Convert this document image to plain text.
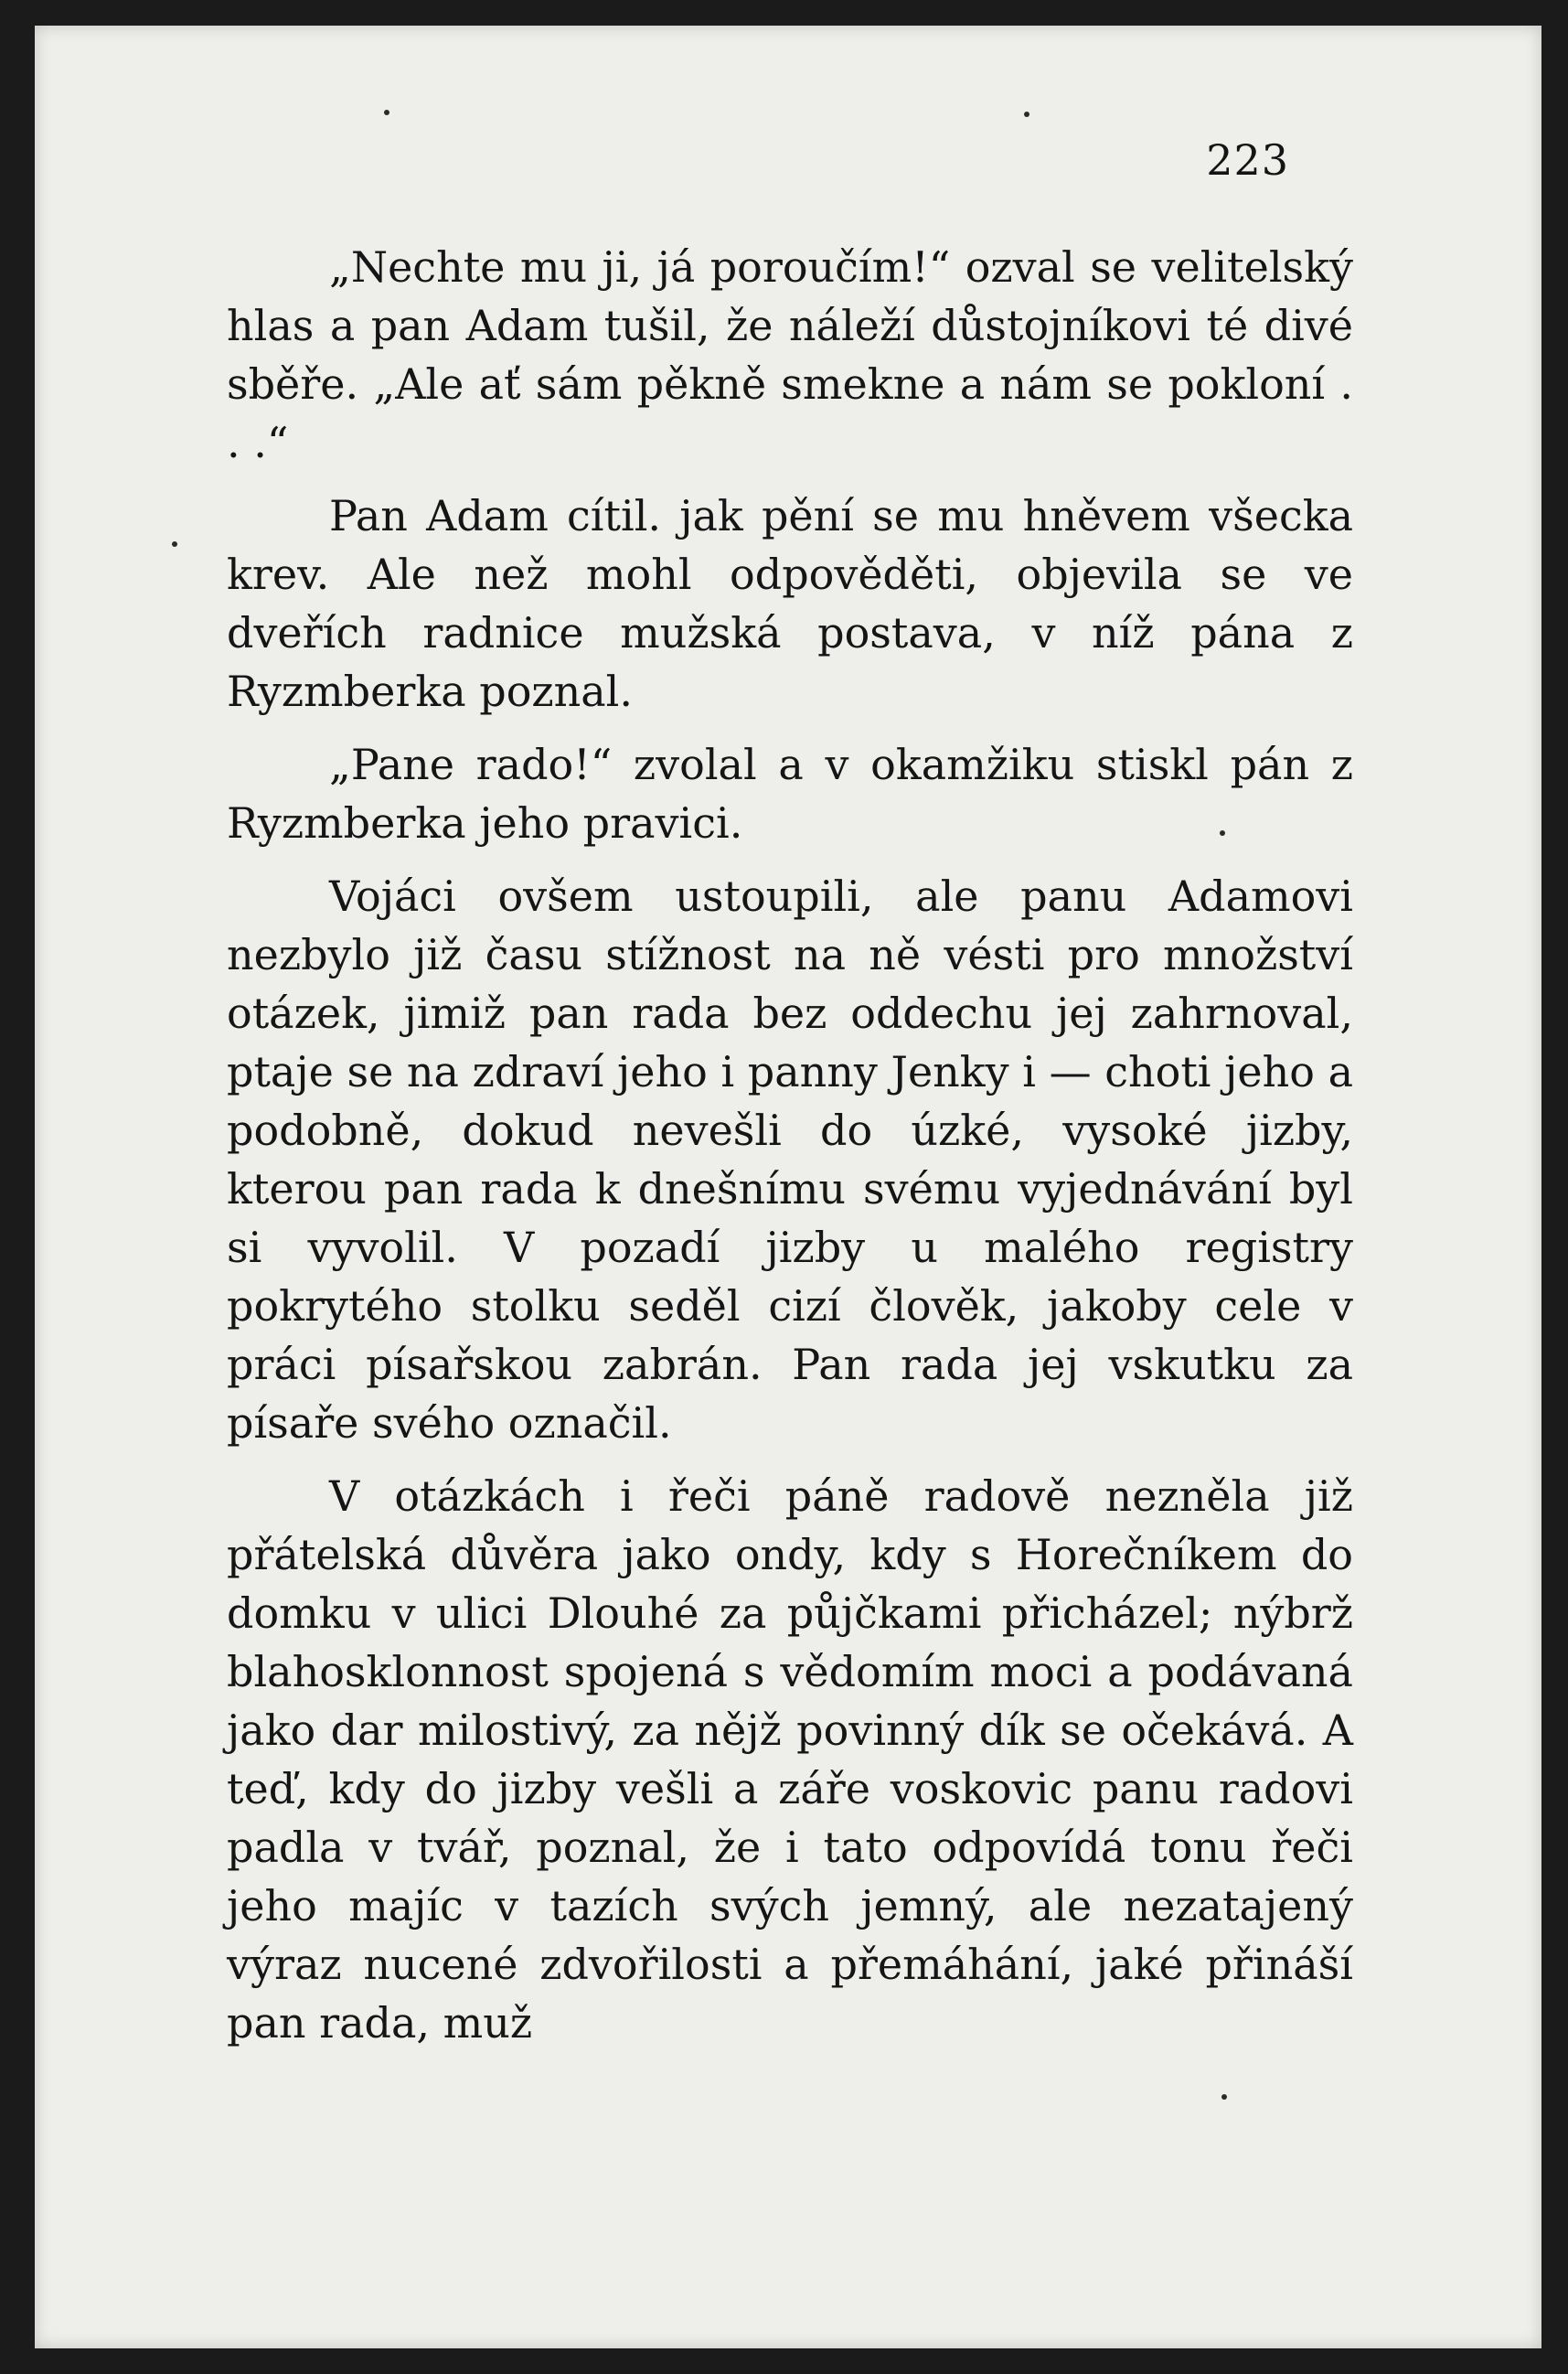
223

„Nechte mu ji, já poroučím!“ ozval se velitelský hlas a pan Adam tušil, že náleží důstojníkovi té divé sběře. „Ale ať sám pěkně smekne a nám se pokloní . . .“

Pan Adam cítil. jak pění se mu hněvem všecka krev. Ale než mohl odpověděti, objevila se ve dveřích radnice mužská postava, v níž pána z Ryzmberka poznal.

„Pane rado!“ zvolal a v okamžiku stiskl pán z Ryzmberka jeho pravici.

Vojáci ovšem ustoupili, ale panu Adamovi nezbylo již času stížnost na ně vésti pro množství otázek, jimiž pan rada bez oddechu jej zahrnoval, ptaje se na zdraví jeho i panny Jenky i — choti jeho a podobně, dokud nevešli do úzké, vysoké jizby, kterou pan rada k dnešnímu svému vyjednávání byl si vyvolil. V pozadí jizby u malého registry pokrytého stolku seděl cizí člověk, jakoby cele v práci písařskou zabrán. Pan rada jej vskutku za písaře svého označil.

V otázkách i řeči páně radově nezněla již přátelská důvěra jako ondy, kdy s Horečníkem do domku v ulici Dlouhé za půjčkami přicházel; nýbrž blahosklonnost spojená s vědomím moci a podávaná jako dar milostivý, za nějž povinný dík se očekává. A teď, kdy do jizby vešli a záře voskovic panu radovi padla v tvář, poznal, že i tato odpovídá tonu řeči jeho majíc v tazích svých jemný, ale nezatajený výraz nucené zdvořilosti a přemáhání, jaké přináší pan rada, muž
